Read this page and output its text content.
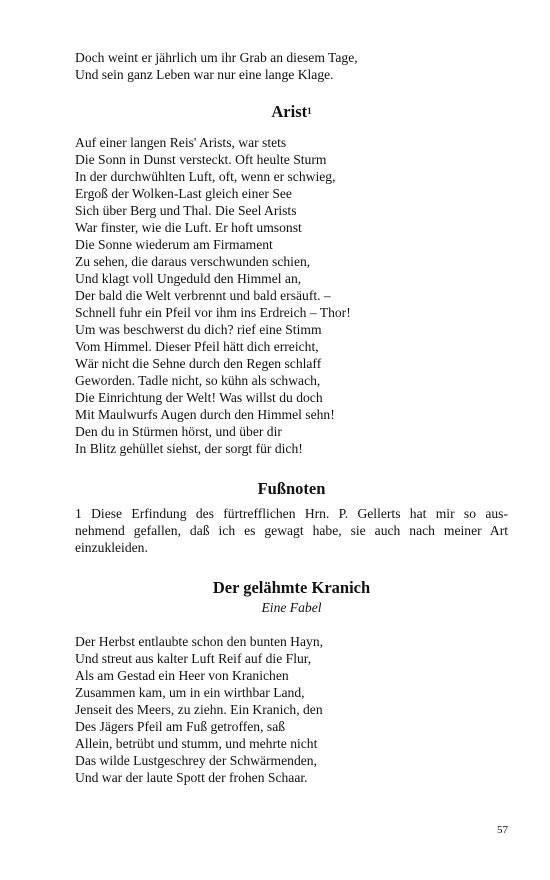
Doch weint er jährlich um ihr Grab an diesem Tage,
Und sein ganz Leben war nur eine lange Klage.
Arist$^1$
Auf einer langen Reis' Arists, war stets
Die Sonn in Dunst versteckt. Oft heulte Sturm
In der durchwühlten Luft, oft, wenn er schwieg,
Ergoß der Wolken-Last gleich einer See
Sich über Berg und Thal. Die Seel Arists
War finster, wie die Luft. Er hoft umsonst
Die Sonne wiederum am Firmament
Zu sehen, die daraus verschwunden schien,
Und klagt voll Ungeduld den Himmel an,
Der bald die Welt verbrennt und bald ersäuft. –
Schnell fuhr ein Pfeil vor ihm ins Erdreich – Thor!
Um was beschwerst du dich? rief eine Stimm
Vom Himmel. Dieser Pfeil hätt dich erreicht,
Wär nicht die Sehne durch den Regen schlaff
Geworden. Tadle nicht, so kühn als schwach,
Die Einrichtung der Welt! Was willst du doch
Mit Maulwurfs Augen durch den Himmel sehn!
Den du in Stürmen hörst, und über dir
In Blitz gehüllet siehst, der sorgt für dich!
Fußnoten
1 Diese Erfindung des fürtrefflichen Hrn. P. Gellerts hat mir so aus-
nehmend gefallen, daß ich es gewagt habe, sie auch nach meiner Art
einzukleiden.
Der gelähmte Kranich
Eine Fabel
Der Herbst entlaubte schon den bunten Hayn,
Und streut aus kalter Luft Reif auf die Flur,
Als am Gestad ein Heer von Kranichen
Zusammen kam, um in ein wirthbar Land,
Jenseit des Meers, zu ziehn. Ein Kranich, den
Des Jägers Pfeil am Fuß getroffen, saß
Allein, betrübt und stumm, und mehrte nicht
Das wilde Lustgeschrey der Schwärmenden,
Und war der laute Spott der frohen Schaar.
57
